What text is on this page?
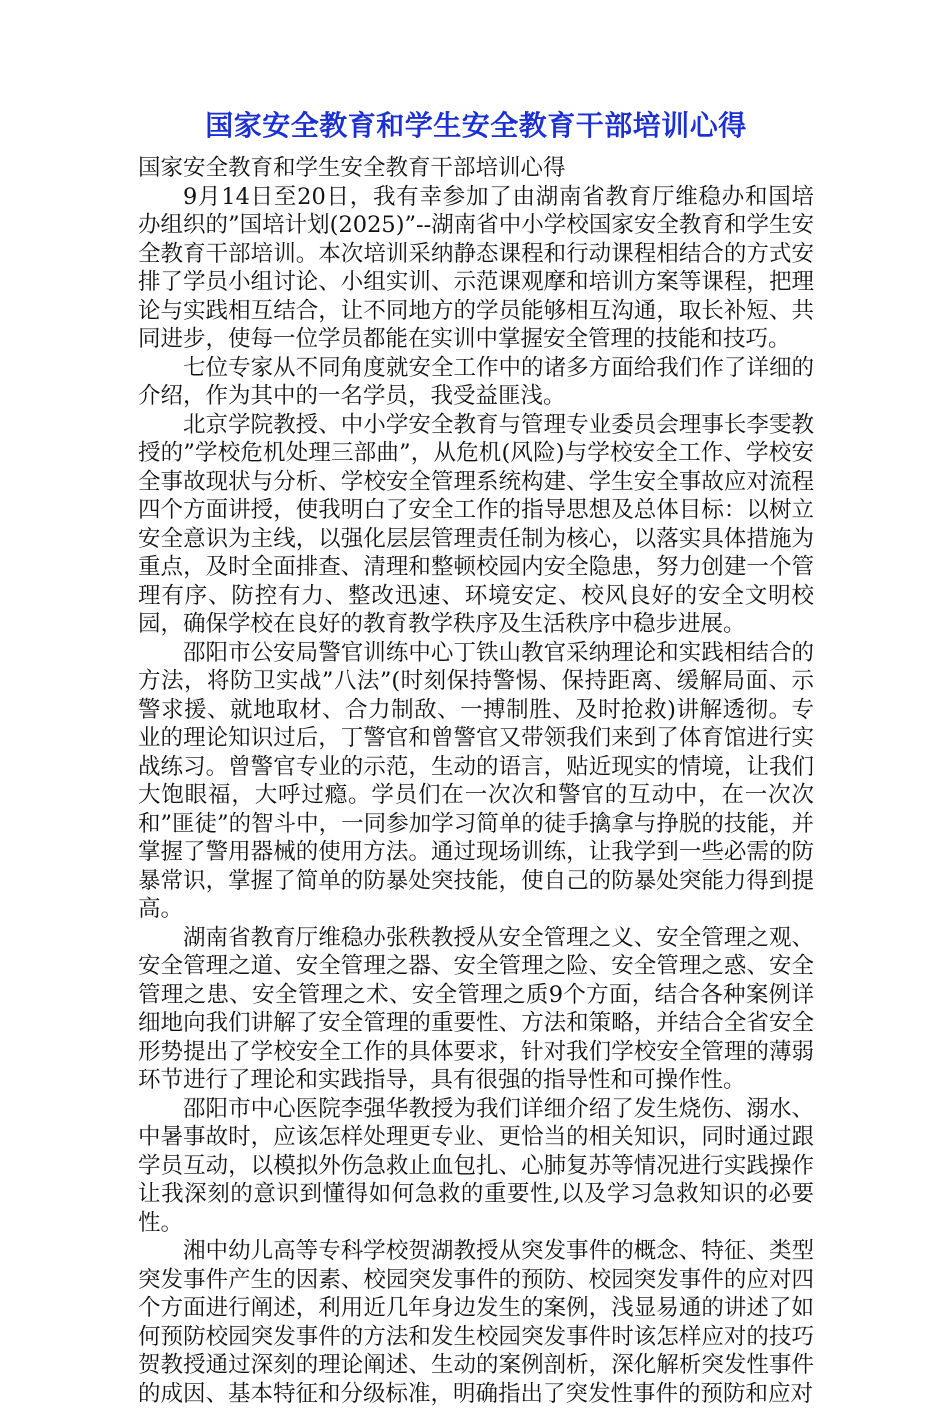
国家安全教育和学生安全教育干部培训心得

国家安全教育和学生安全教育干部培训心得

9月14日至20日，我有幸参加了由湖南省教育厅维稳办和国培办组织的”国培计划(2025)”--湖南省中小学校国家安全教育和学生安全教育干部培训。本次培训采纳静态课程和行动课程相结合的方式安排了学员小组讨论、小组实训、示范课观摩和培训方案等课程，把理论与实践相互结合，让不同地方的学员能够相互沟通，取长补短、共同进步，使每一位学员都能在实训中掌握安全管理的技能和技巧。

七位专家从不同角度就安全工作中的诸多方面给我们作了详细的介绍，作为其中的一名学员，我受益匪浅。

北京学院教授、中小学安全教育与管理专业委员会理事长李雯教授的”学校危机处理三部曲”，从危机(风险)与学校安全工作、学校安全事故现状与分析、学校安全管理系统构建、学生安全事故应对流程四个方面讲授，使我明白了安全工作的指导思想及总体目标：以树立安全意识为主线，以强化层层管理责任制为核心，以落实具体措施为重点，及时全面排查、清理和整顿校园内安全隐患，努力创建一个管理有序、防控有力、整改迅速、环境安定、校风良好的安全文明校园，确保学校在良好的教育教学秩序及生活秩序中稳步进展。

邵阳市公安局警官训练中心丁铁山教官采纳理论和实践相结合的方法，将防卫实战”八法”(时刻保持警惕、保持距离、缓解局面、示警求援、就地取材、合力制敌、一搏制胜、及时抢救)讲解透彻。专业的理论知识过后，丁警官和曾警官又带领我们来到了体育馆进行实战练习。曾警官专业的示范，生动的语言，贴近现实的情境，让我们大饱眼福，大呼过瘾。学员们在一次次和警官的互动中，在一次次和”匪徒”的智斗中，一同参加学习简单的徒手擒拿与挣脱的技能，并掌握了警用器械的使用方法。通过现场训练，让我学到一些必需的防暴常识，掌握了简单的防暴处突技能，使自己的防暴处突能力得到提高。

湖南省教育厅维稳办张秩教授从安全管理之义、安全管理之观、安全管理之道、安全管理之器、安全管理之险、安全管理之惑、安全管理之患、安全管理之术、安全管理之质9个方面，结合各种案例详细地向我们讲解了安全管理的重要性、方法和策略，并结合全省安全形势提出了学校安全工作的具体要求，针对我们学校安全管理的薄弱环节进行了理论和实践指导，具有很强的指导性和可操作性。

邵阳市中心医院李强华教授为我们详细介绍了发生烧伤、溺水、中暑事故时，应该怎样处理更专业、更恰当的相关知识，同时通过跟学员互动，以模拟外伤急救止血包扎、心肺复苏等情况进行实践操作让我深刻的意识到懂得如何急救的重要性,以及学习急救知识的必要性。

湘中幼儿高等专科学校贺湖教授从突发事件的概念、特征、类型突发事件产生的因素、校园突发事件的预防、校园突发事件的应对四个方面进行阐述，利用近几年身边发生的案例，浅显易通的讲述了如何预防校园突发事件的方法和发生校园突发事件时该怎样应对的技巧贺教授通过深刻的理论阐述、生动的案例剖析，深化解析突发性事件的成因、基本特征和分级标准，明确指出了突发性事件的预防和应对
